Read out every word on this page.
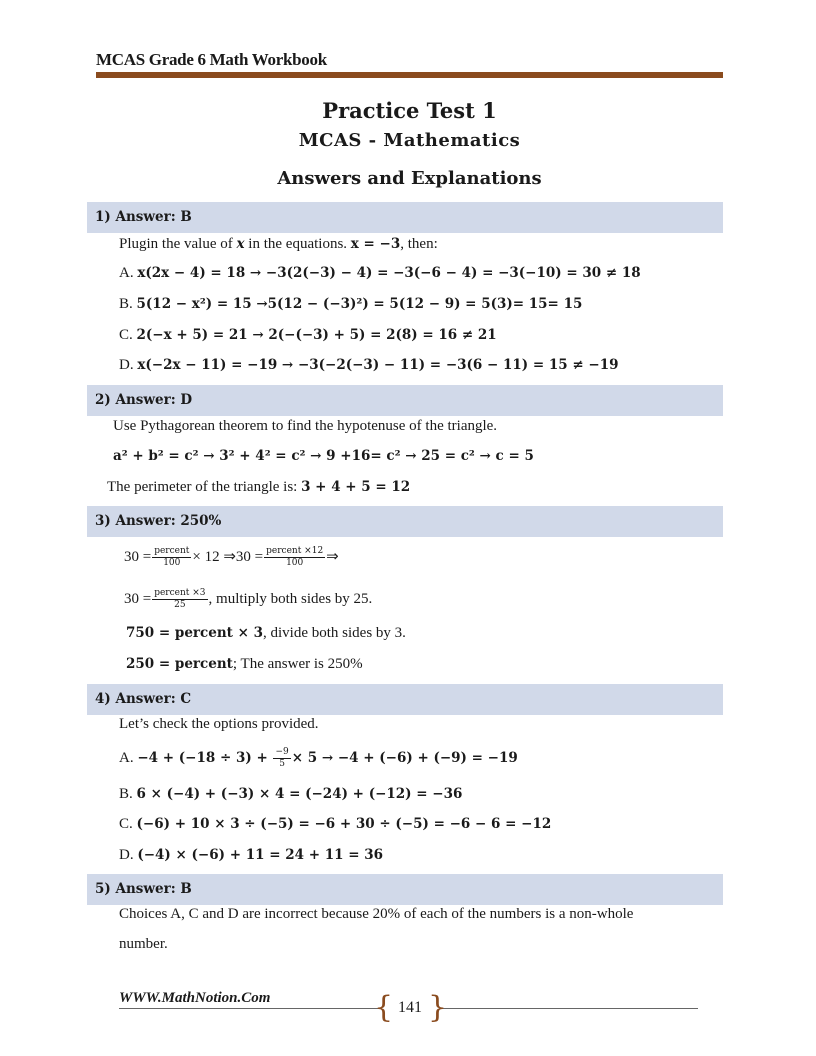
MCAS Grade 6 Math Workbook
Practice Test 1
MCAS - Mathematics
Answers and Explanations
1) Answer: B
Plugin the value of x in the equations. x = −3, then:
A. x(2x − 4) = 18 → −3(2(−3) − 4) = −3(−6 − 4) = −3(−10) = 30 ≠ 18
B. 5(12 − x²) = 15 →5(12 − (−3)²) = 5(12 − 9) = 5(3)= 15= 15
C. 2(−x + 5) = 21 → 2(−(−3) + 5) = 2(8) = 16 ≠ 21
D. x(−2x − 11) = −19 → −3(−2(−3) − 11) = −3(6 − 11) = 15 ≠ −19
2) Answer: D
Use Pythagorean theorem to find the hypotenuse of the triangle.
a² + b² = c² → 3² + 4² = c² → 9 +16= c² → 25 = c² → c = 5
The perimeter of the triangle is: 3 + 4 + 5 = 12
3) Answer: 250%
$30 = \frac{\text{percent}}{100} \times 12$ ⇒30 = $\frac{\text{percent ×12}}{100}$ ⇒
$30 = \frac{\text{percent ×3}}{25}$ , multiply both sides by 25.
750 = percent × 3, divide both sides by 3.
250 = percent; The answer is 250%
4) Answer: C
Let’s check the options provided.
A. $-4 + (-18 \div 3) + \frac{-9}{5} \times 5 \to -4 + (-6) + (-9) = -19$
B. 6 × (−4) + (−3) × 4 = (−24) + (−12) = −36
C. (−6) + 10 × 3 ÷ (−5) = −6 + 30 ÷ (−5) = −6 − 6 = −12
D. (−4) × (−6) + 11 = 24 + 11 = 36
5) Answer: B
Choices A, C and D are incorrect because 20% of each of the numbers is a non-whole
number.
WWW.MathNotion.Com	{ }
141
